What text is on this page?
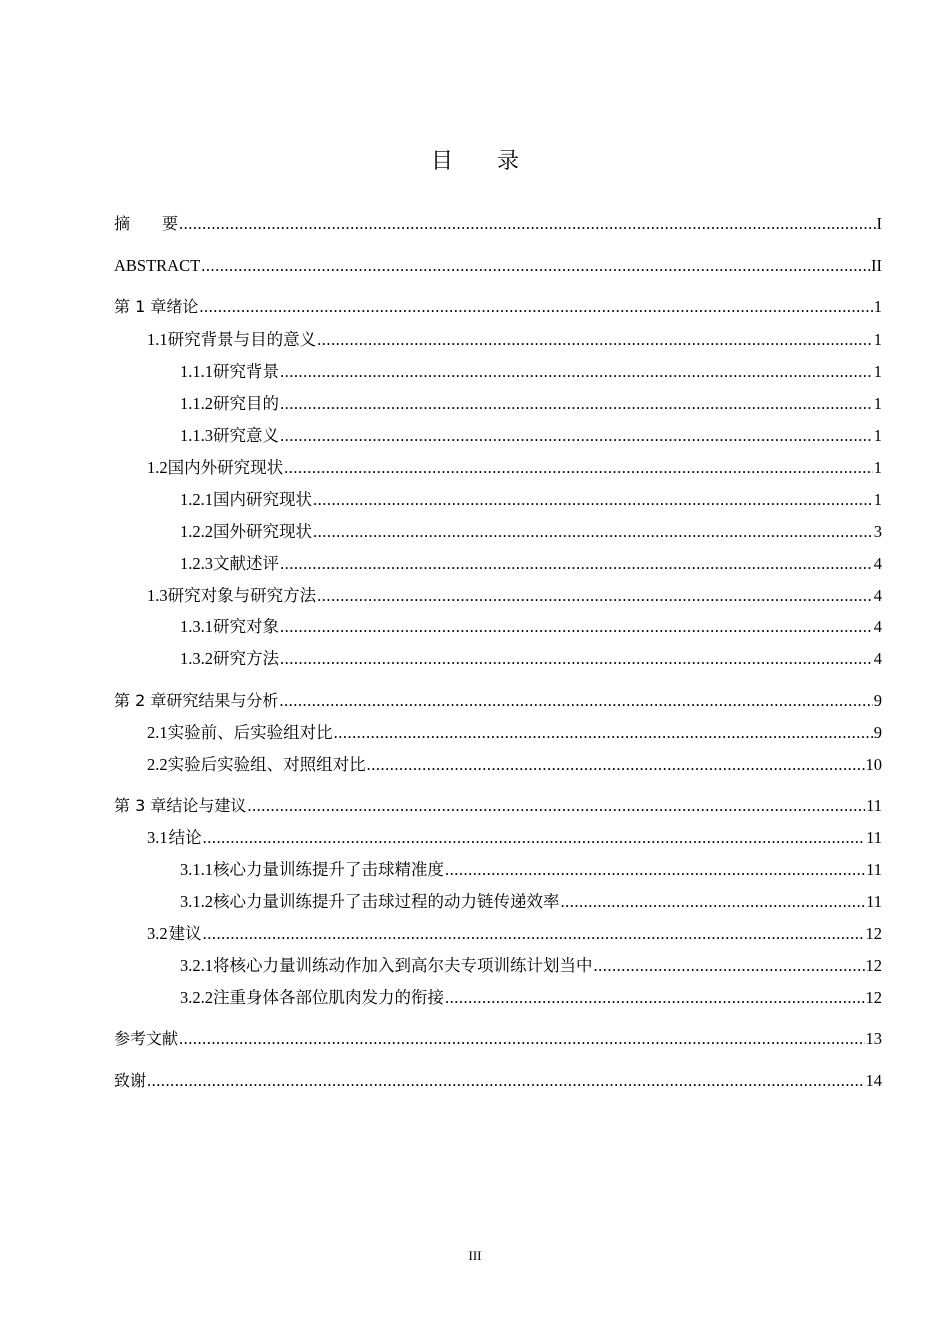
目　　录
摘　　要 .....	I
ABSTRACT .....	II
第 1 章 绪论 .....	1
1.1 研究背景与目的意义 .....	1
1.1.1 研究背景 .....	1
1.1.2 研究目的 .....	1
1.1.3 研究意义 .....	1
1.2 国内外研究现状 .....	1
1.2.1 国内研究现状 .....	1
1.2.2 国外研究现状 .....	3
1.2.3 文献述评 .....	4
1.3 研究对象与研究方法 .....	4
1.3.1 研究对象 .....	4
1.3.2 研究方法 .....	4
第 2 章 研究结果与分析 .....	9
2.1 实验前、后实验组对比 .....	9
2.2 实验后实验组、对照组对比 .....	10
第 3 章 结论与建议 .....	11
3.1 结论 .....	11
3.1.1 核心力量训练提升了击球精准度 .....	11
3.1.2 核心力量训练提升了击球过程的动力链传递效率 .....	11
3.2 建议 .....	12
3.2.1 将核心力量训练动作加入到高尔夫专项训练计划当中 .....	12
3.2.2 注重身体各部位肌肉发力的衔接 .....	12
参考文献 .....	13
致谢 .....	14
III
